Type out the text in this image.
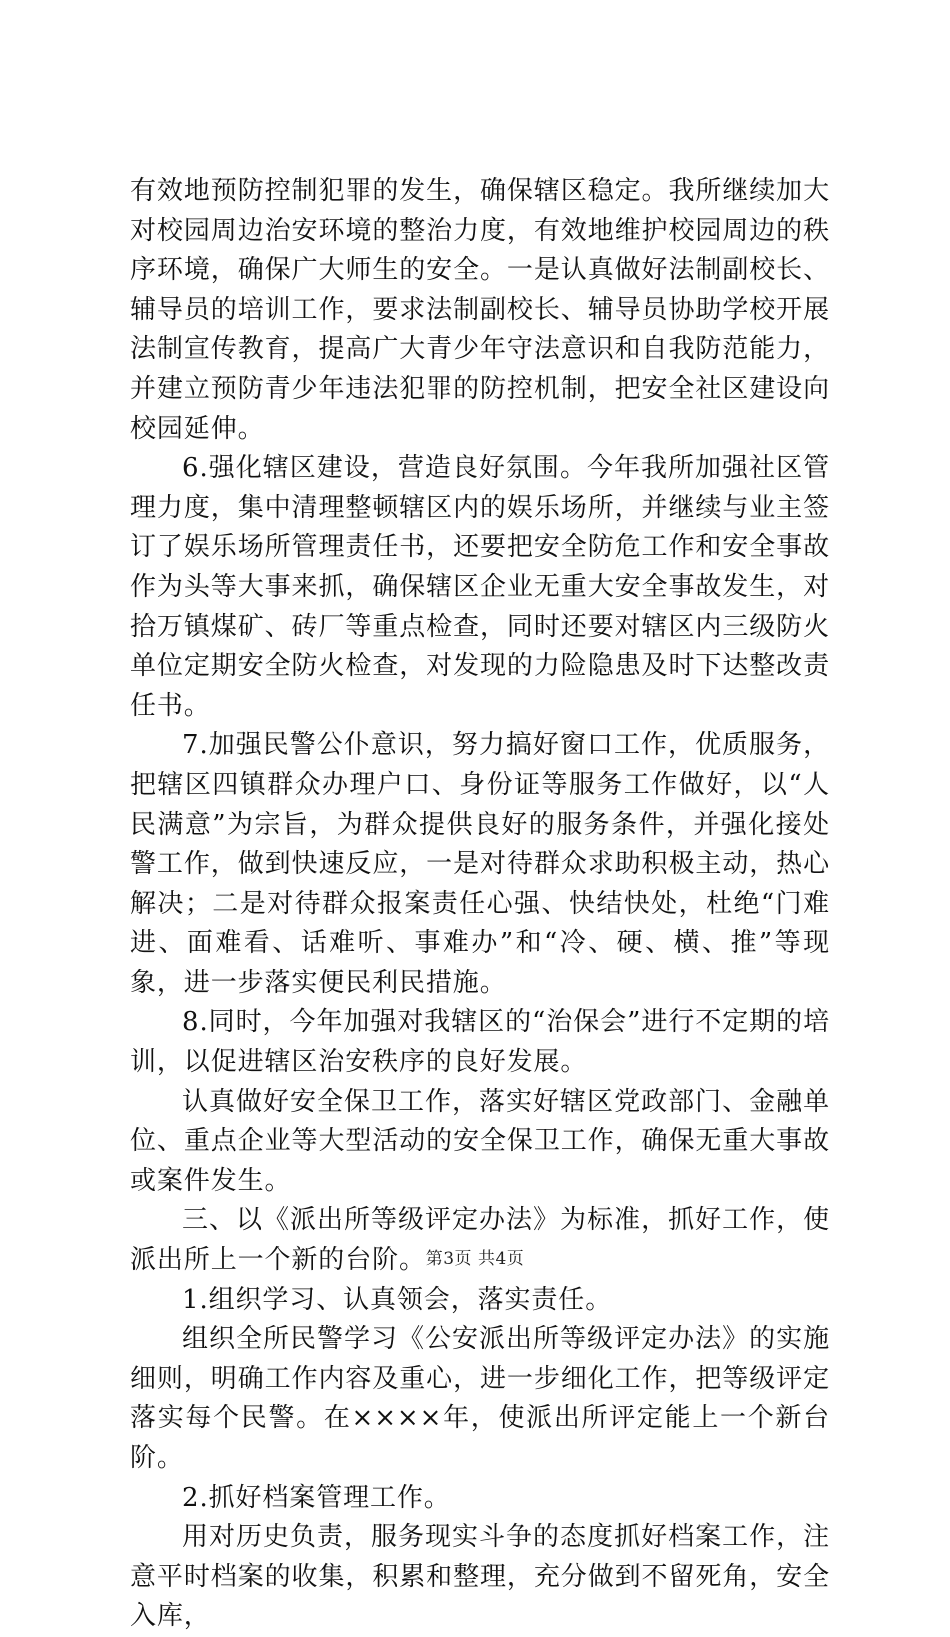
有效地预防控制犯罪的发生，确保辖区稳定。我所继续加大对校园周边治安环境的整治力度，有效地维护校园周边的秩序环境，确保广大师生的安全。一是认真做好法制副校长、辅导员的培训工作，要求法制副校长、辅导员协助学校开展法制宣传教育，提高广大青少年守法意识和自我防范能力，并建立预防青少年违法犯罪的防控机制，把安全社区建设向校园延伸。

6.强化辖区建设，营造良好氛围。今年我所加强社区管理力度，集中清理整顿辖区内的娱乐场所，并继续与业主签订了娱乐场所管理责任书，还要把安全防危工作和安全事故作为头等大事来抓，确保辖区企业无重大安全事故发生，对拾万镇煤矿、砖厂等重点检查，同时还要对辖区内三级防火单位定期安全防火检查，对发现的力险隐患及时下达整改责任书。

7.加强民警公仆意识，努力搞好窗口工作，优质服务，把辖区四镇群众办理户口、身份证等服务工作做好，以“人民满意”为宗旨，为群众提供良好的服务条件，并强化接处警工作，做到快速反应，一是对待群众求助积极主动，热心解决；二是对待群众报案责任心强、快结快处，杜绝“门难进、面难看、话难听、事难办”和“冷、硬、横、推”等现象，进一步落实便民利民措施。

8.同时，今年加强对我辖区的“治保会”进行不定期的培训，以促进辖区治安秩序的良好发展。

认真做好安全保卫工作，落实好辖区党政部门、金融单位、重点企业等大型活动的安全保卫工作，确保无重大事故或案件发生。

三、以《派出所等级评定办法》为标准，抓好工作，使派出所上一个新的台阶。

1.组织学习、认真领会，落实责任。

组织全所民警学习《公安派出所等级评定办法》的实施细则，明确工作内容及重心，进一步细化工作，把等级评定落实每个民警。在××××年，使派出所评定能上一个新台阶。

2.抓好档案管理工作。

用对历史负责，服务现实斗争的态度抓好档案工作，注意平时档案的收集，积累和整理，充分做到不留死角，安全入库，

第3页 共4页
